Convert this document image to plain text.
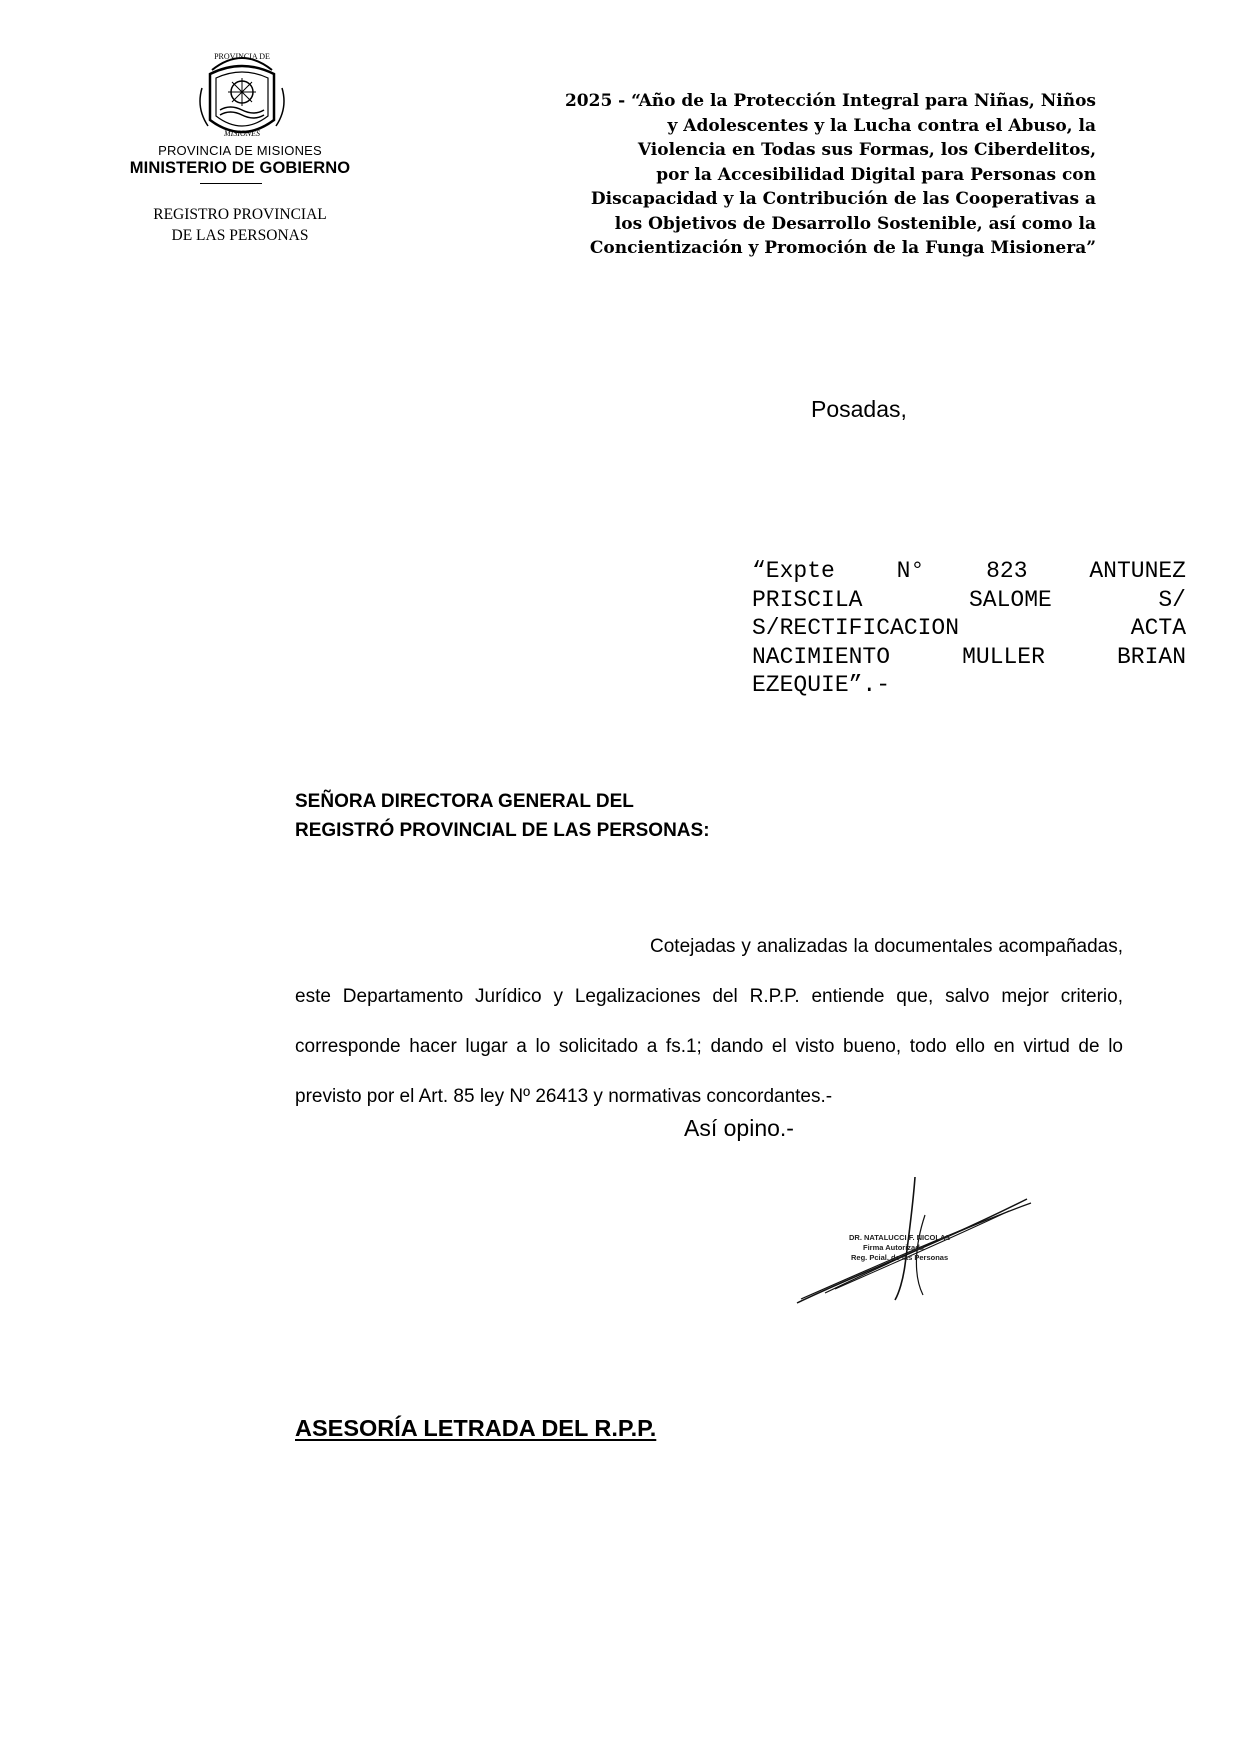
PROVINCIA DE
MISIONES
PROVINCIA DE MISIONES
MINISTERIO DE GOBIERNO
REGISTRO PROVINCIAL
DE LAS PERSONAS
2025 - “Año de la Protección Integral para Niñas, Niños
y Adolescentes y la Lucha contra el Abuso, la
Violencia en Todas sus Formas, los Ciberdelitos,
por la Accesibilidad Digital para Personas con
Discapacidad y la Contribución de las Cooperativas a
los Objetivos de Desarrollo Sostenible, así como la
Concientización y Promoción de la Funga Misionera”
Posadas,
“Expte N° 823 ANTUNEZ
PRISCILA SALOME S/
S/RECTIFICACION ACTA
NACIMIENTO MULLER BRIAN
EZEQUIE”.-
SEÑORA DIRECTORA GENERAL DEL
REGISTRÓ PROVINCIAL DE LAS PERSONAS:
Cotejadas y analizadas la documentales acompañadas, este Departamento Jurídico y Legalizaciones del R.P.P. entiende que, salvo mejor criterio, corresponde hacer lugar a lo solicitado a fs.1; dando el visto bueno, todo ello en virtud de lo previsto por el Art. 85 ley Nº 26413 y normativas concordantes.-
Así opino.-
DR. NATALUCCI F. NICOLAS
Firma Autorizada
Reg. Pcial. de las Personas
ASESORÍA LETRADA DEL R.P.P.
